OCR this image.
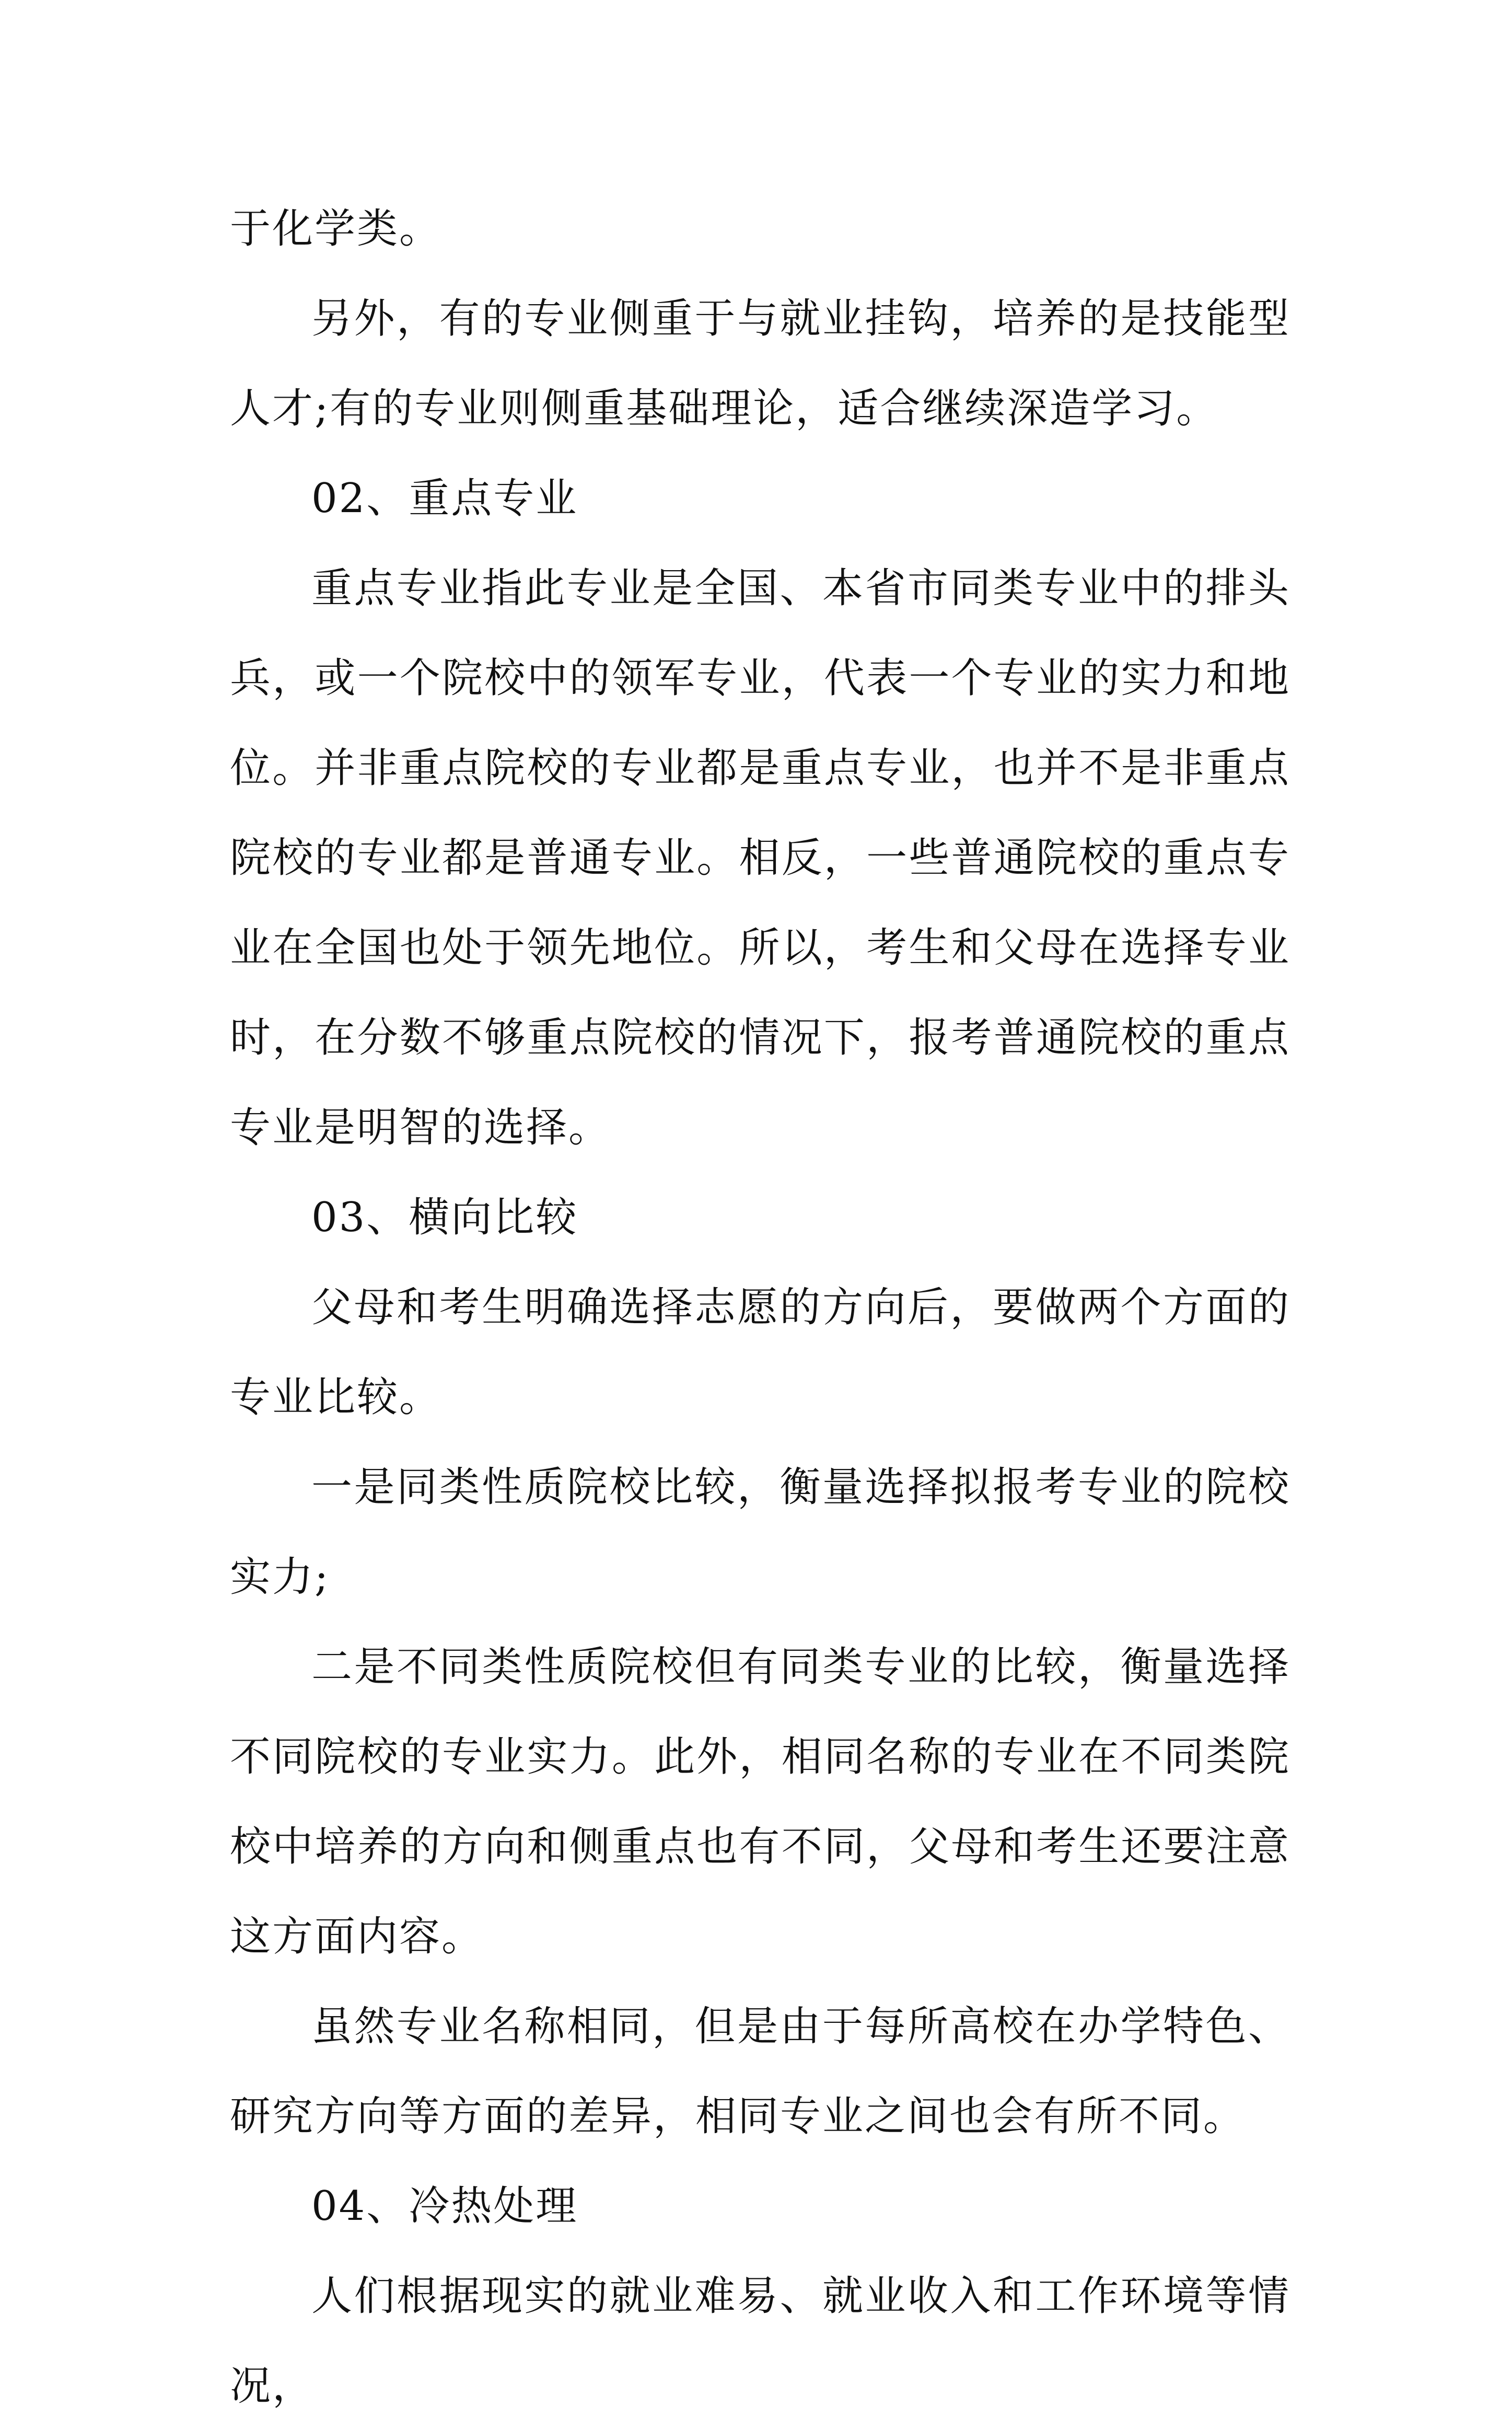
于化学类。

另外，有的专业侧重于与就业挂钩，培养的是技能型人才;有的专业则侧重基础理论，适合继续深造学习。

02、重点专业

重点专业指此专业是全国、本省市同类专业中的排头兵，或一个院校中的领军专业，代表一个专业的实力和地位。并非重点院校的专业都是重点专业，也并不是非重点院校的专业都是普通专业。相反，一些普通院校的重点专业在全国也处于领先地位。所以，考生和父母在选择专业时，在分数不够重点院校的情况下，报考普通院校的重点专业是明智的选择。

03、横向比较

父母和考生明确选择志愿的方向后，要做两个方面的专业比较。

一是同类性质院校比较，衡量选择拟报考专业的院校实力;

二是不同类性质院校但有同类专业的比较，衡量选择不同院校的专业实力。此外，相同名称的专业在不同类院校中培养的方向和侧重点也有不同，父母和考生还要注意这方面内容。

虽然专业名称相同，但是由于每所高校在办学特色、研究方向等方面的差异，相同专业之间也会有所不同。

04、冷热处理

人们根据现实的就业难易、就业收入和工作环境等情况，
